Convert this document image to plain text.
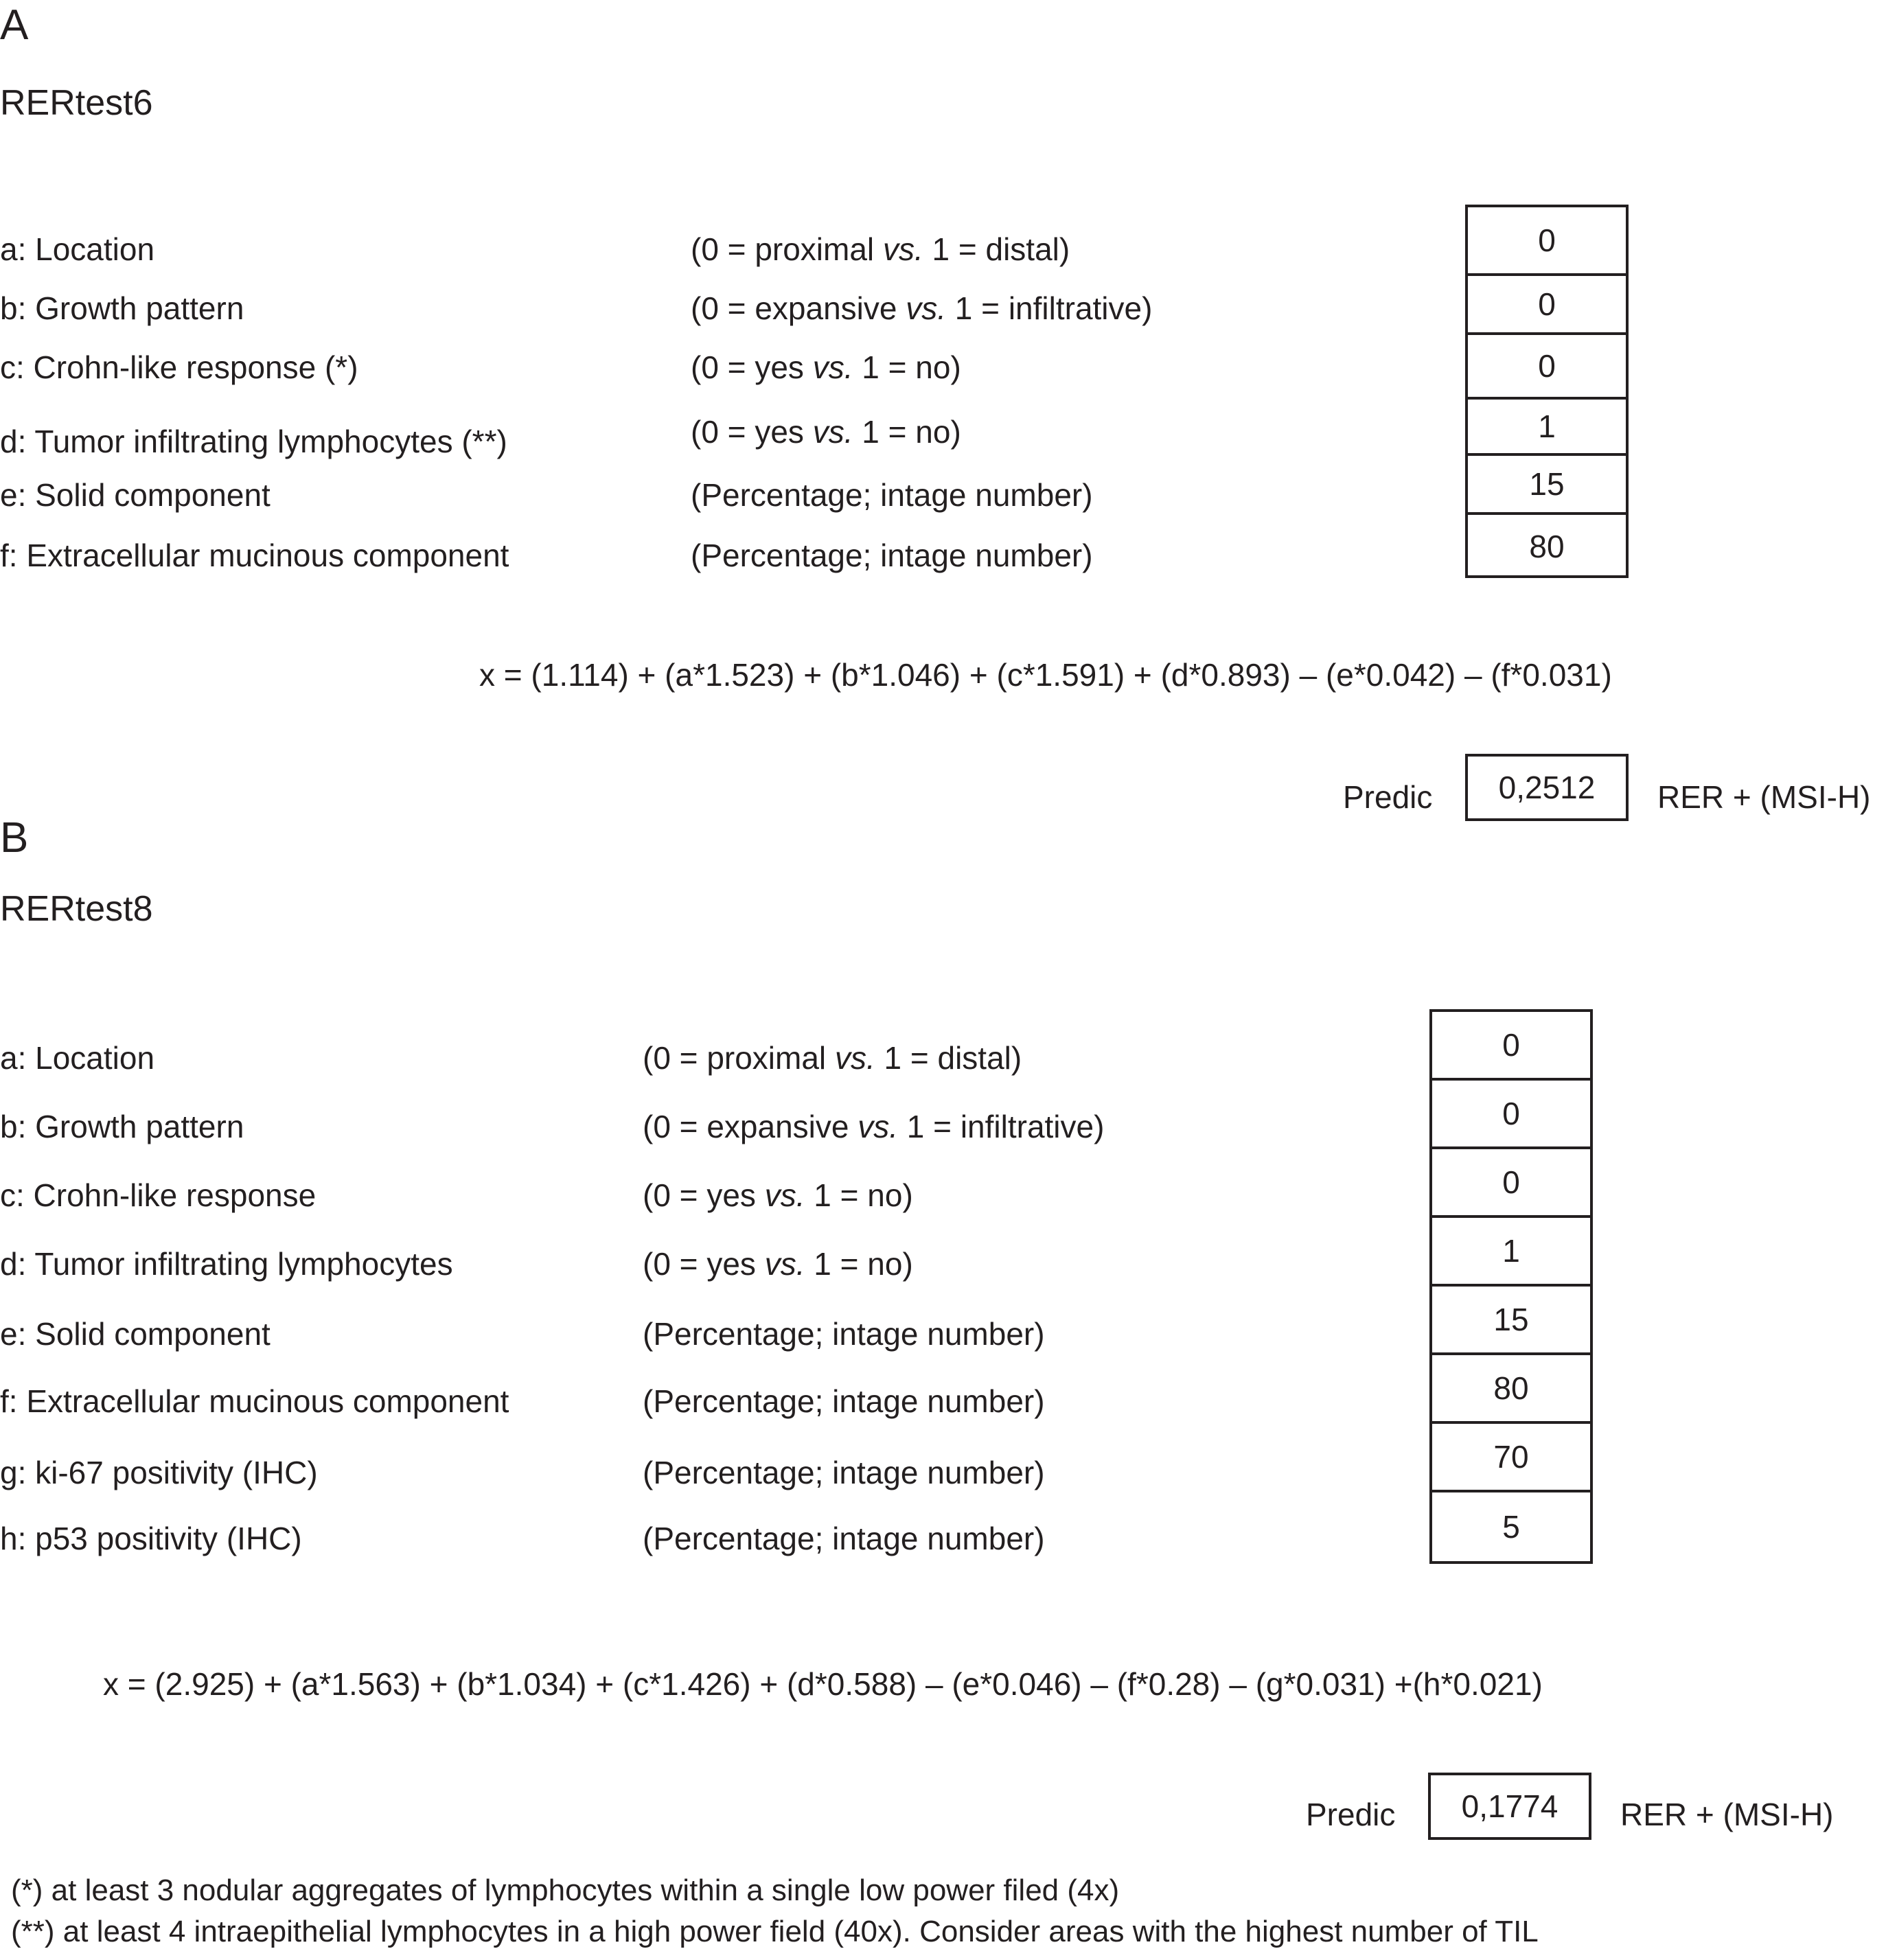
A
RERtest6
a: Location
b: Growth pattern
c: Crohn-like response (*)
d: Tumor infiltrating lymphocytes (**)
e: Solid component
f: Extracellular mucinous component
(0 = proximal vs. 1 = distal)
(0 = expansive vs. 1 = infiltrative)
(0 = yes vs. 1 = no)
(0 = yes vs. 1 = no)
(Percentage; intage number)
(Percentage; intage number)
0
0
0
1
15
80
x = (1.114) + (a*1.523) + (b*1.046) + (c*1.591) + (d*0.893) – (e*0.042) – (f*0.031)
Predic 0,2512 RER + (MSI-H)
B
RERtest8
a: Location
b: Growth pattern
c: Crohn-like response
d: Tumor infiltrating lymphocytes
e: Solid component
f: Extracellular mucinous component
g: ki-67 positivity (IHC)
h: p53 positivity (IHC)
(0 = proximal vs. 1 = distal)
(0 = expansive vs. 1 = infiltrative)
(0 = yes vs. 1 = no)
(0 = yes vs. 1 = no)
(Percentage; intage number)
(Percentage; intage number)
(Percentage; intage number)
(Percentage; intage number)
0
0
0
1
15
80
70
5
x = (2.925) + (a*1.563) + (b*1.034) + (c*1.426) + (d*0.588) – (e*0.046) – (f*0.28) – (g*0.031) +(h*0.021)
Predic 0,1774 RER + (MSI-H)
(*) at least 3 nodular aggregates of lymphocytes within a single low power filed (4x)
(**) at least 4 intraepithelial lymphocytes in a high power field (40x). Consider areas with the highest number of TIL
